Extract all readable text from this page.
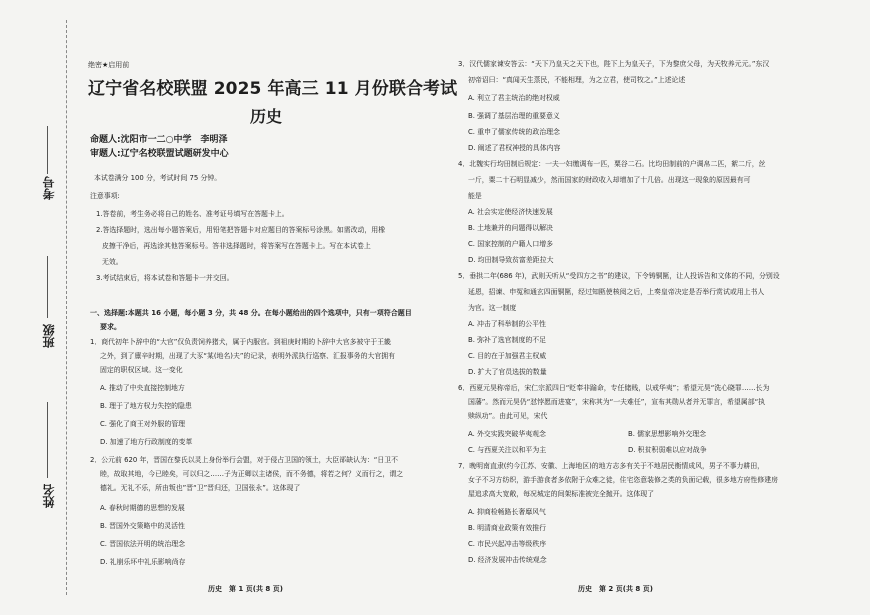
考号
班级
姓名
绝密★启用前
辽宁省名校联盟 2025 年高三 11 月份联合考试
历史
命题人:沈阳市一二○中学　李明泽
审题人:辽宁名校联盟试题研发中心
本试卷满分 100 分，考试时间 75 分钟。
注意事项:
1.答卷前，考生务必将自己的姓名、准考证号填写在答题卡上。
2.答选择题时，选出每小题答案后，用铅笔把答题卡对应题目的答案标号涂黑。如需改动，用橡
皮擦干净后，再选涂其他答案标号。答非选择题时，将答案写在答题卡上。写在本试卷上
无效。
3.考试结束后，将本试卷和答题卡一并交回。
一、选择题:本题共 16 小题，每小题 3 分，共 48 分。在每小题给出的四个选项中，只有一项符合题目
要求。
1．商代初年卜辞中的“大官”仅负责饲养猪犬，属于内服官。到祖庚时期的卜辞中大官多被守于王畿
之外，到了廪辛时期，出现了大豕“某(地名)夫”的记录，表明外派执行巡察、汇报事务的大官拥有
固定的职权区域。这一变化
A. 推动了中央直接控制地方
B. 理于了地方权力失控的隐患
C. 强化了商王对外服的管理
D. 加速了地方行政制度的变革
2．公元前 620 年，晋国在黎氏以灵上身份举行会盟，对于侵占卫国的领土，大臣郤缺认为：“日卫不
睦，故取其地，今已睦矣，可以归之……子为正卿以主诸侯，而不务德，将若之何？义而行之，谓之
德礼。无礼不乐，所由叛也”晋“卫”晋归还，卫国张永”。这体现了
A. 春秋时期德的思想的发展
B. 晋国外交策略中的灵活性
C. 晋国依法开明的统治理念
D. 礼崩乐坏中礼乐影响尚存
历史　第 1 页(共 8 页)
3．汉代儒家谏安答云：“天下乃皇天之天下也，陛下上为皇天子，下为黎庶父母，为天牧养元元。”东汉
初帝诏曰：“真闻天生蒸民，不能相理，为之立君，使司牧之。”上述论述
A. 利立了君主统治的绝对权威
B. 强调了基层治理的重要意义
C. 重申了儒家传统的政治理念
D. 阐述了君权神授的具体内容
4．北魏实行均田制后规定：一夫一妇缴调布一匹，粟谷二石。比均田制前的户调帛二匹，絮二斤，丝
一斤，粟二十石明显减少，然而国家的财政收入却增加了十几倍。出现这一现象的原因最有可
能是
A. 社会实定使经济快速发展
B. 土地兼并的问题得以解决
C. 国家控制的户籍人口增多
D. 均田制导致贫富差距拉大
5．垂拱二年(686 年)，武则天听从“受四方之书”的建议，下令铸铜匦，让人投诉告和文体的不同，分别设
延恩，招谏、申冤和通玄四面铜匦，经过知匦使核阅之后，上奏皇帝决定是否举行赏试或用上书人
为官。这一制度
A. 冲击了科举制的公平性
B. 弥补了选官制度的不足
C. 目的在于加强君主权威
D. 扩大了官员选拔的数量
6．西夏元昊称帝后，宋仁宗派四日“贬奉非踰命，专任储贱，以戒华夷”；希望元昊“洗心晓罪……长为
国藩”。然而元昊仍“怼悖愿而进宴”，宋称其为“一夫难任”，宣布其勋从者并无罪言，希望属部“执
赎纵功”。由此可见，宋代
A. 外交实践突破华夷观念	B. 儒家思想影响外交理念
C. 与西夏关注以和平为主	D. 积贫积弱难以应对战争
7．晚明南直隶(约今江苏、安徽、上海地区)的地方志多有关于不地居民衡情成风，男子不事力耕田，
女子不习方纺织，游手游食者多依附于众难之徒，住宅恣意装修之类的负面记载，很多地方府性修建房
屋追求高大宽敞，每况城定的间架标准被完全抛开。这体现了
A. 抑商检畅路长奢靡风气
B. 明清商业政策有效推行
C. 市民兴起冲击等级秩序
D. 经济发展冲击传统观念
历史　第 2 页(共 8 页)
